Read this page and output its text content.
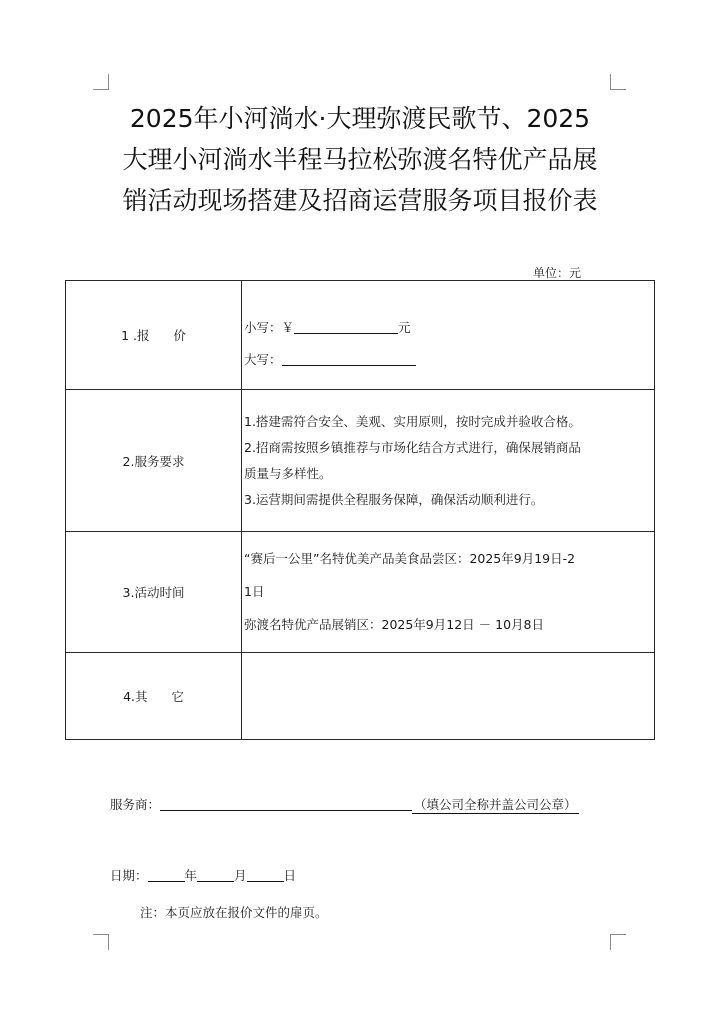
2025年小河淌水·大理弥渡民歌节、2025
大理小河淌水半程马拉松弥渡名特优产品展
销活动现场搭建及招商运营服务项目报价表
单位：元
1 .报      价	小写：￥ 元
大写：

2.服务要求	1.搭建需符合安全、美观、实用原则，按时完成并验收合格。

2.招商需按照乡镇推荐与市场化结合方式进行，确保展销商品

质量与多样性。

3.运营期间需提供全程服务保障，确保活动顺利进行。

3.活动时间	“赛后一公里”名特优美产品美食品尝区：2025年9月19日-2

1日

弥渡名特优产品展销区：2025年9月12日 － 10月8日

4.其      它	
服务商：	（填公司全称并盖公司公章）
日期：	年	月	日
注：本页应放在报价文件的扉页。
